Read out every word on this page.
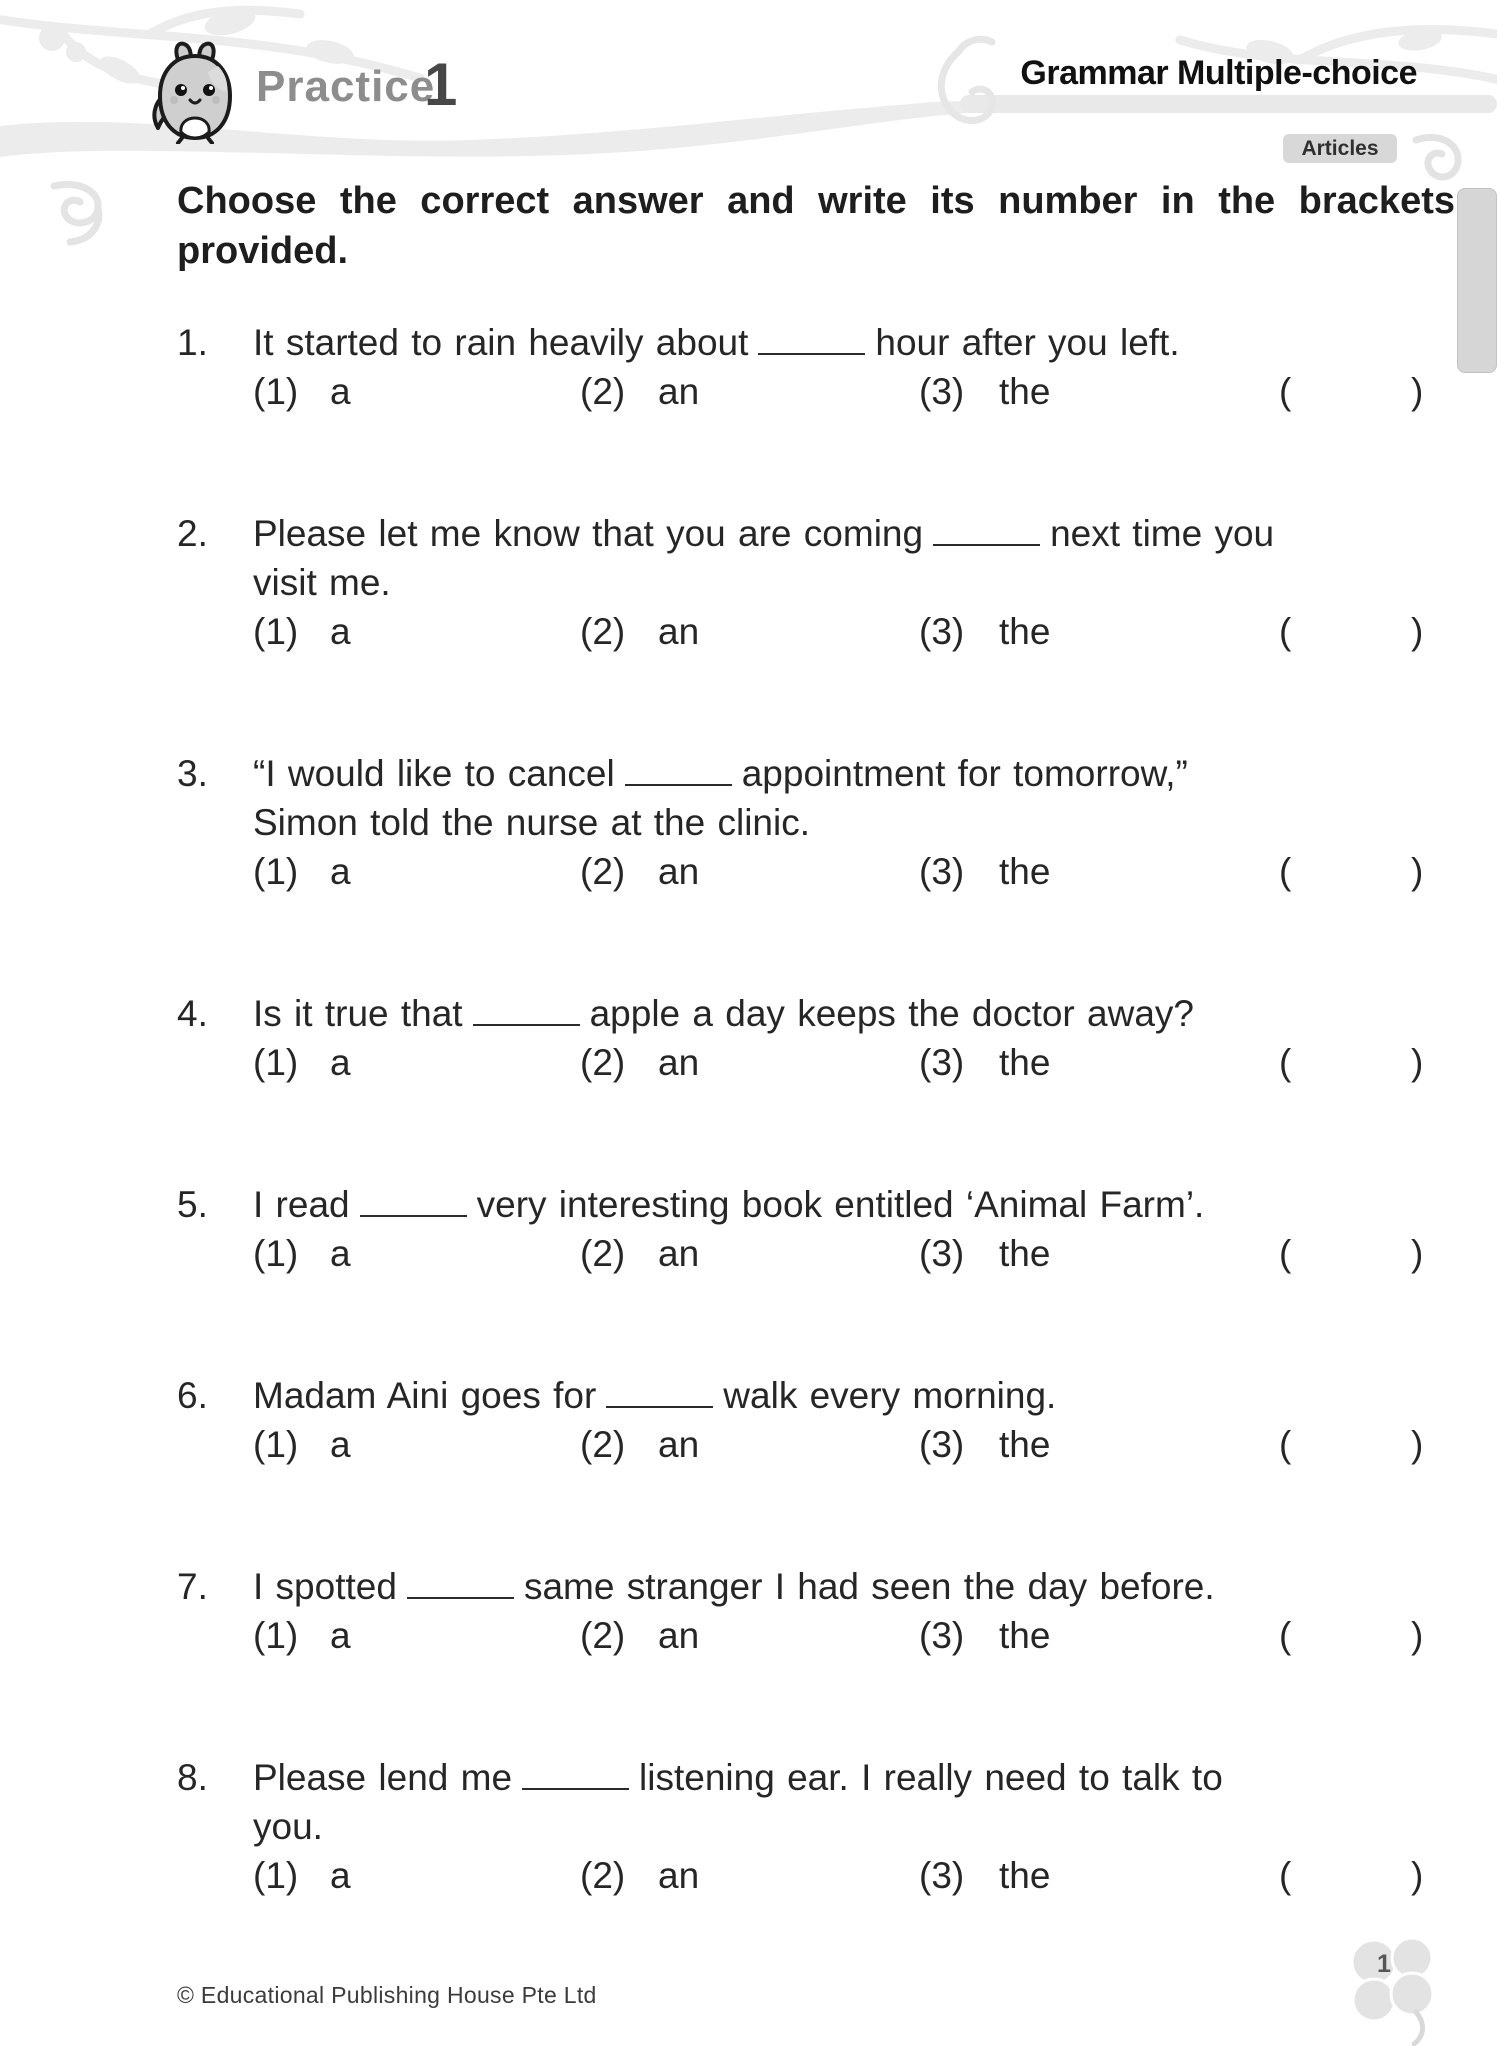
Practice
1	Grammar Multiple-choice
Articles
Choose the correct answer and write its number in the brackets
provided.
1.	It started to rain heavily about	hour after you left.
(1) a	(2) an	(3) the	(	)
2.	Please let me know that you are coming	next time you
visit me.
(1) a	(2) an	(3) the	(	)
3.	“I would like to cancel	appointment for tomorrow,”
Simon told the nurse at the clinic.
(1) a	(2) an	(3) the	(	)
4.	Is it true that	apple a day keeps the doctor away?
(1) a	(2) an	(3) the	(	)
5.	I read	very interesting book entitled ‘Animal Farm’.
(1) a	(2) an	(3) the	(	)
6.	Madam Aini goes for	walk every morning.
(1) a	(2) an	(3) the	(	)
7.	I spotted	same stranger I had seen the day before.
(1) a	(2) an	(3) the	(	)
8.	Please lend me	listening ear. I really need to talk to
you.
(1) a	(2) an	(3) the	(	)
© Educational Publishing House Pte Ltd
1
